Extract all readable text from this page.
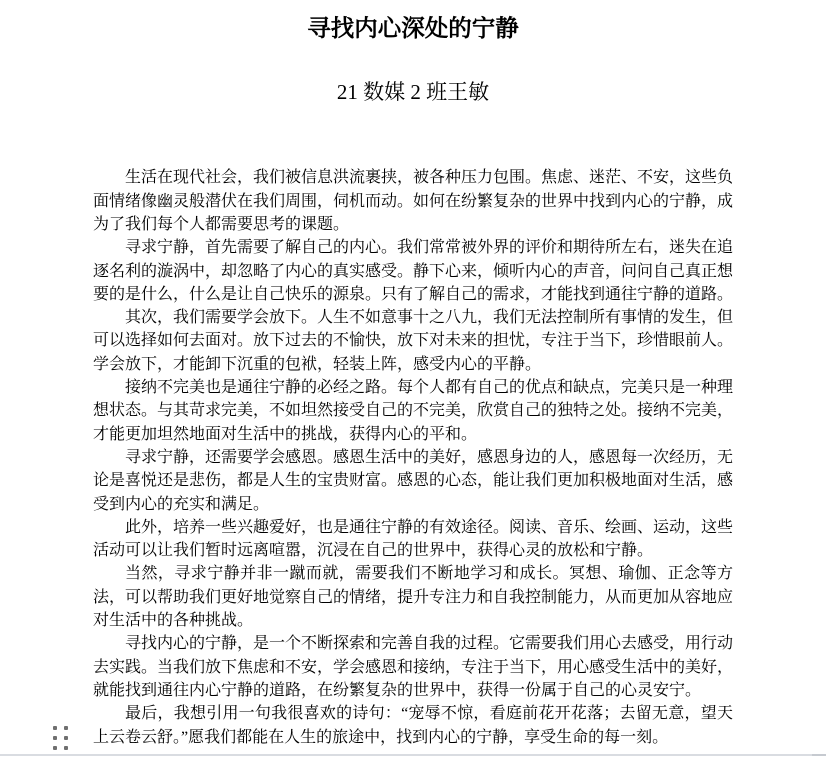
寻找内心深处的宁静
21 数媒 2 班王敏

生活在现代社会，我们被信息洪流裹挟，被各种压力包围。焦虑、迷茫、不安，这些负面情绪像幽灵般潜伏在我们周围，伺机而动。如何在纷繁复杂的世界中找到内心的宁静，成为了我们每个人都需要思考的课题。

寻求宁静，首先需要了解自己的内心。我们常常被外界的评价和期待所左右，迷失在追逐名利的漩涡中，却忽略了内心的真实感受。静下心来，倾听内心的声音，问问自己真正想要的是什么，什么是让自己快乐的源泉。只有了解自己的需求，才能找到通往宁静的道路。

其次，我们需要学会放下。人生不如意事十之八九，我们无法控制所有事情的发生，但可以选择如何去面对。放下过去的不愉快，放下对未来的担忧，专注于当下，珍惜眼前人。学会放下，才能卸下沉重的包袱，轻装上阵，感受内心的平静。

接纳不完美也是通往宁静的必经之路。每个人都有自己的优点和缺点，完美只是一种理想状态。与其苛求完美，不如坦然接受自己的不完美，欣赏自己的独特之处。接纳不完美，才能更加坦然地面对生活中的挑战，获得内心的平和。

寻求宁静，还需要学会感恩。感恩生活中的美好，感恩身边的人，感恩每一次经历，无论是喜悦还是悲伤，都是人生的宝贵财富。感恩的心态，能让我们更加积极地面对生活，感受到内心的充实和满足。

此外，培养一些兴趣爱好，也是通往宁静的有效途径。阅读、音乐、绘画、运动，这些活动可以让我们暂时远离喧嚣，沉浸在自己的世界中，获得心灵的放松和宁静。

当然，寻求宁静并非一蹴而就，需要我们不断地学习和成长。冥想、瑜伽、正念等方法，可以帮助我们更好地觉察自己的情绪，提升专注力和自我控制能力，从而更加从容地应对生活中的各种挑战。

寻找内心的宁静，是一个不断探索和完善自我的过程。它需要我们用心去感受，用行动去实践。当我们放下焦虑和不安，学会感恩和接纳，专注于当下，用心感受生活中的美好，就能找到通往内心宁静的道路，在纷繁复杂的世界中，获得一份属于自己的心灵安宁。

最后，我想引用一句我很喜欢的诗句：“宠辱不惊，看庭前花开花落；去留无意，望天上云卷云舒。”愿我们都能在人生的旅途中，找到内心的宁静，享受生命的每一刻。
